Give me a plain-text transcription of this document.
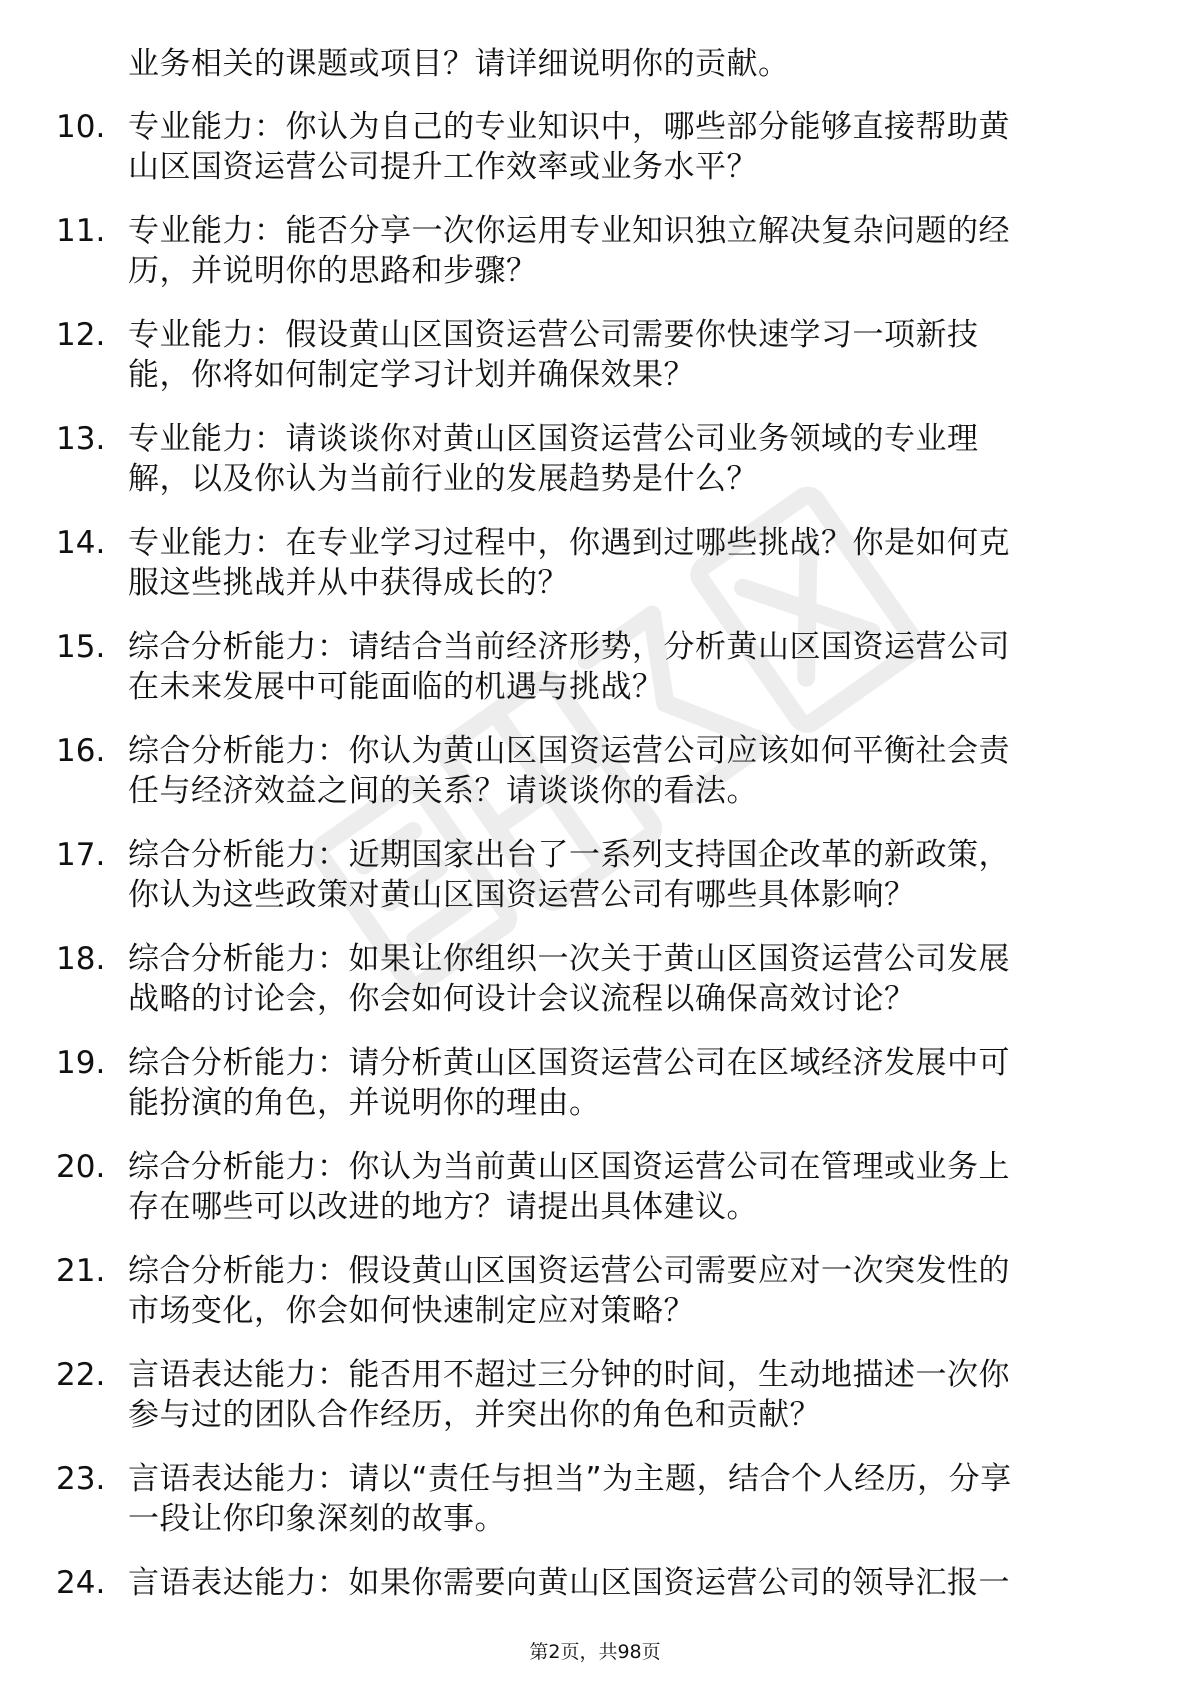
业务相关的课题或项目？请详细说明你的贡献。
10. 专业能力：你认为自己的专业知识中，哪些部分能够直接帮助黄
山区国资运营公司提升工作效率或业务水平？
11. 专业能力：能否分享一次你运用专业知识独立解决复杂问题的经
历，并说明你的思路和步骤？
12. 专业能力：假设黄山区国资运营公司需要你快速学习一项新技
能，你将如何制定学习计划并确保效果？
13. 专业能力：请谈谈你对黄山区国资运营公司业务领域的专业理
解，以及你认为当前行业的发展趋势是什么？
14. 专业能力：在专业学习过程中，你遇到过哪些挑战？你是如何克
服这些挑战并从中获得成长的？
15. 综合分析能力：请结合当前经济形势，分析黄山区国资运营公司
在未来发展中可能面临的机遇与挑战？
16. 综合分析能力：你认为黄山区国资运营公司应该如何平衡社会责
任与经济效益之间的关系？请谈谈你的看法。
17. 综合分析能力：近期国家出台了一系列支持国企改革的新政策，
你认为这些政策对黄山区国资运营公司有哪些具体影响？
18. 综合分析能力：如果让你组织一次关于黄山区国资运营公司发展
战略的讨论会，你会如何设计会议流程以确保高效讨论？
19. 综合分析能力：请分析黄山区国资运营公司在区域经济发展中可
能扮演的角色，并说明你的理由。
20. 综合分析能力：你认为当前黄山区国资运营公司在管理或业务上
存在哪些可以改进的地方？请提出具体建议。
21. 综合分析能力：假设黄山区国资运营公司需要应对一次突发性的
市场变化，你会如何快速制定应对策略？
22. 言语表达能力：能否用不超过三分钟的时间，生动地描述一次你
参与过的团队合作经历，并突出你的角色和贡献？
23. 言语表达能力：请以“责任与担当”为主题，结合个人经历，分享
一段让你印象深刻的故事。
24. 言语表达能力：如果你需要向黄山区国资运营公司的领导汇报一
第2页，共98页
